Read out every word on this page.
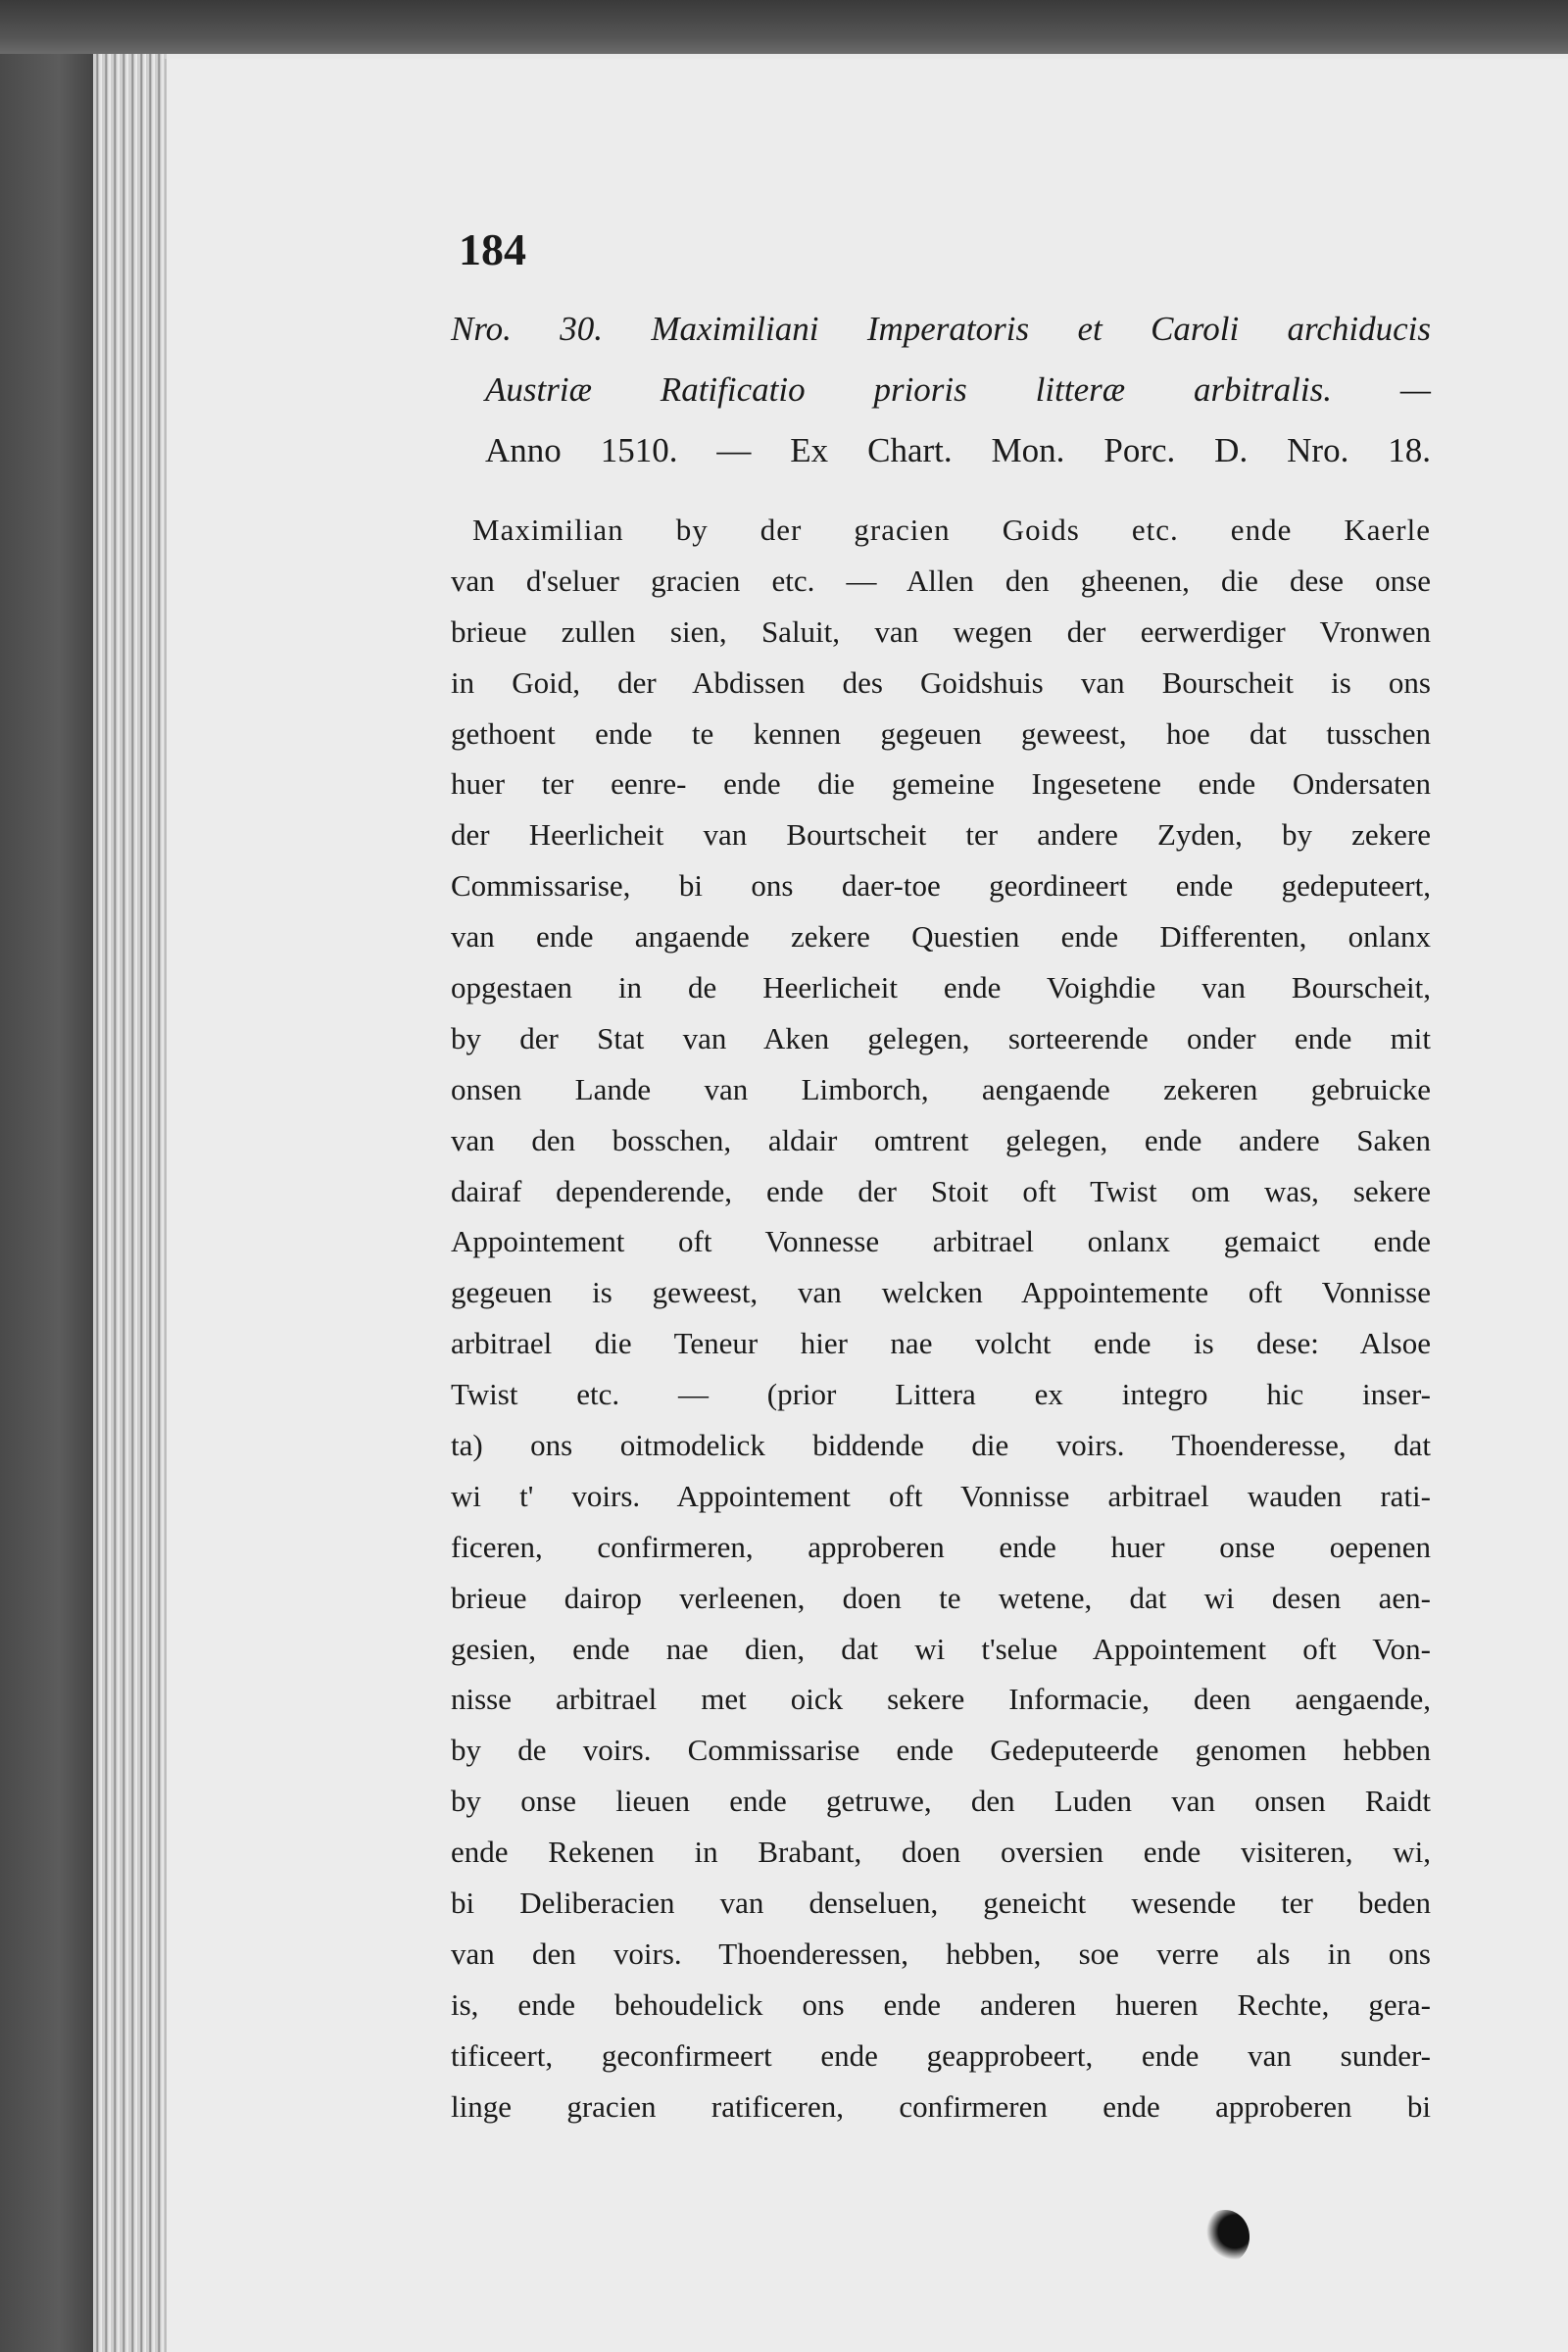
184
Nro. 30. Maximiliani Imperatoris et Caroli archiducis
Austriæ Ratificatio prioris litteræ arbitralis. —
Anno 1510. — Ex Chart. Mon. Porc. D. Nro. 18.
Maximilian by der gracien Goids etc. ende Kaerle
van d'seluer gracien etc. — Allen den gheenen, die dese onse
brieue zullen sien, Saluit, van wegen der eerwerdiger Vronwen
in Goid, der Abdissen des Goidshuis van Bourscheit is ons
gethoent ende te kennen gegeuen geweest, hoe dat tusschen
huer ter eenre- ende die gemeine Ingesetene ende Ondersaten
der Heerlicheit van Bourtscheit ter andere Zyden, by zekere
Commissarise, bi ons daer-toe geordineert ende gedeputeert,
van ende angaende zekere Questien ende Differenten, onlanx
opgestaen in de Heerlicheit ende Voighdie van Bourscheit,
by der Stat van Aken gelegen, sorteerende onder ende mit
onsen Lande van Limborch, aengaende zekeren gebruicke
van den bosschen, aldair omtrent gelegen, ende andere Saken
dairaf dependerende, ende der Stoit oft Twist om was, sekere
Appointement oft Vonnesse arbitrael onlanx gemaict ende
gegeuen is geweest, van welcken Appointemente oft Vonnisse
arbitrael die Teneur hier nae volcht ende is dese: Alsoe
Twist etc. — (prior Littera ex integro hic inser-
ta) ons oitmodelick biddende die voirs. Thoenderesse, dat
wi t' voirs. Appointement oft Vonnisse arbitrael wauden rati-
ficeren, confirmeren, approberen ende huer onse oepenen
brieue dairop verleenen, doen te wetene, dat wi desen aen-
gesien, ende nae dien, dat wi t'selue Appointement oft Von-
nisse arbitrael met oick sekere Informacie, deen aengaende,
by de voirs. Commissarise ende Gedeputeerde genomen hebben
by onse lieuen ende getruwe, den Luden van onsen Raidt
ende Rekenen in Brabant, doen oversien ende visiteren, wi,
bi Deliberacien van denseluen, geneicht wesende ter beden
van den voirs. Thoenderessen, hebben, soe verre als in ons
is, ende behoudelick ons ende anderen hueren Rechte, gera-
tificeert, geconfirmeert ende geapprobeert, ende van sunder-
linge gracien ratificeren, confirmeren ende approberen bi
